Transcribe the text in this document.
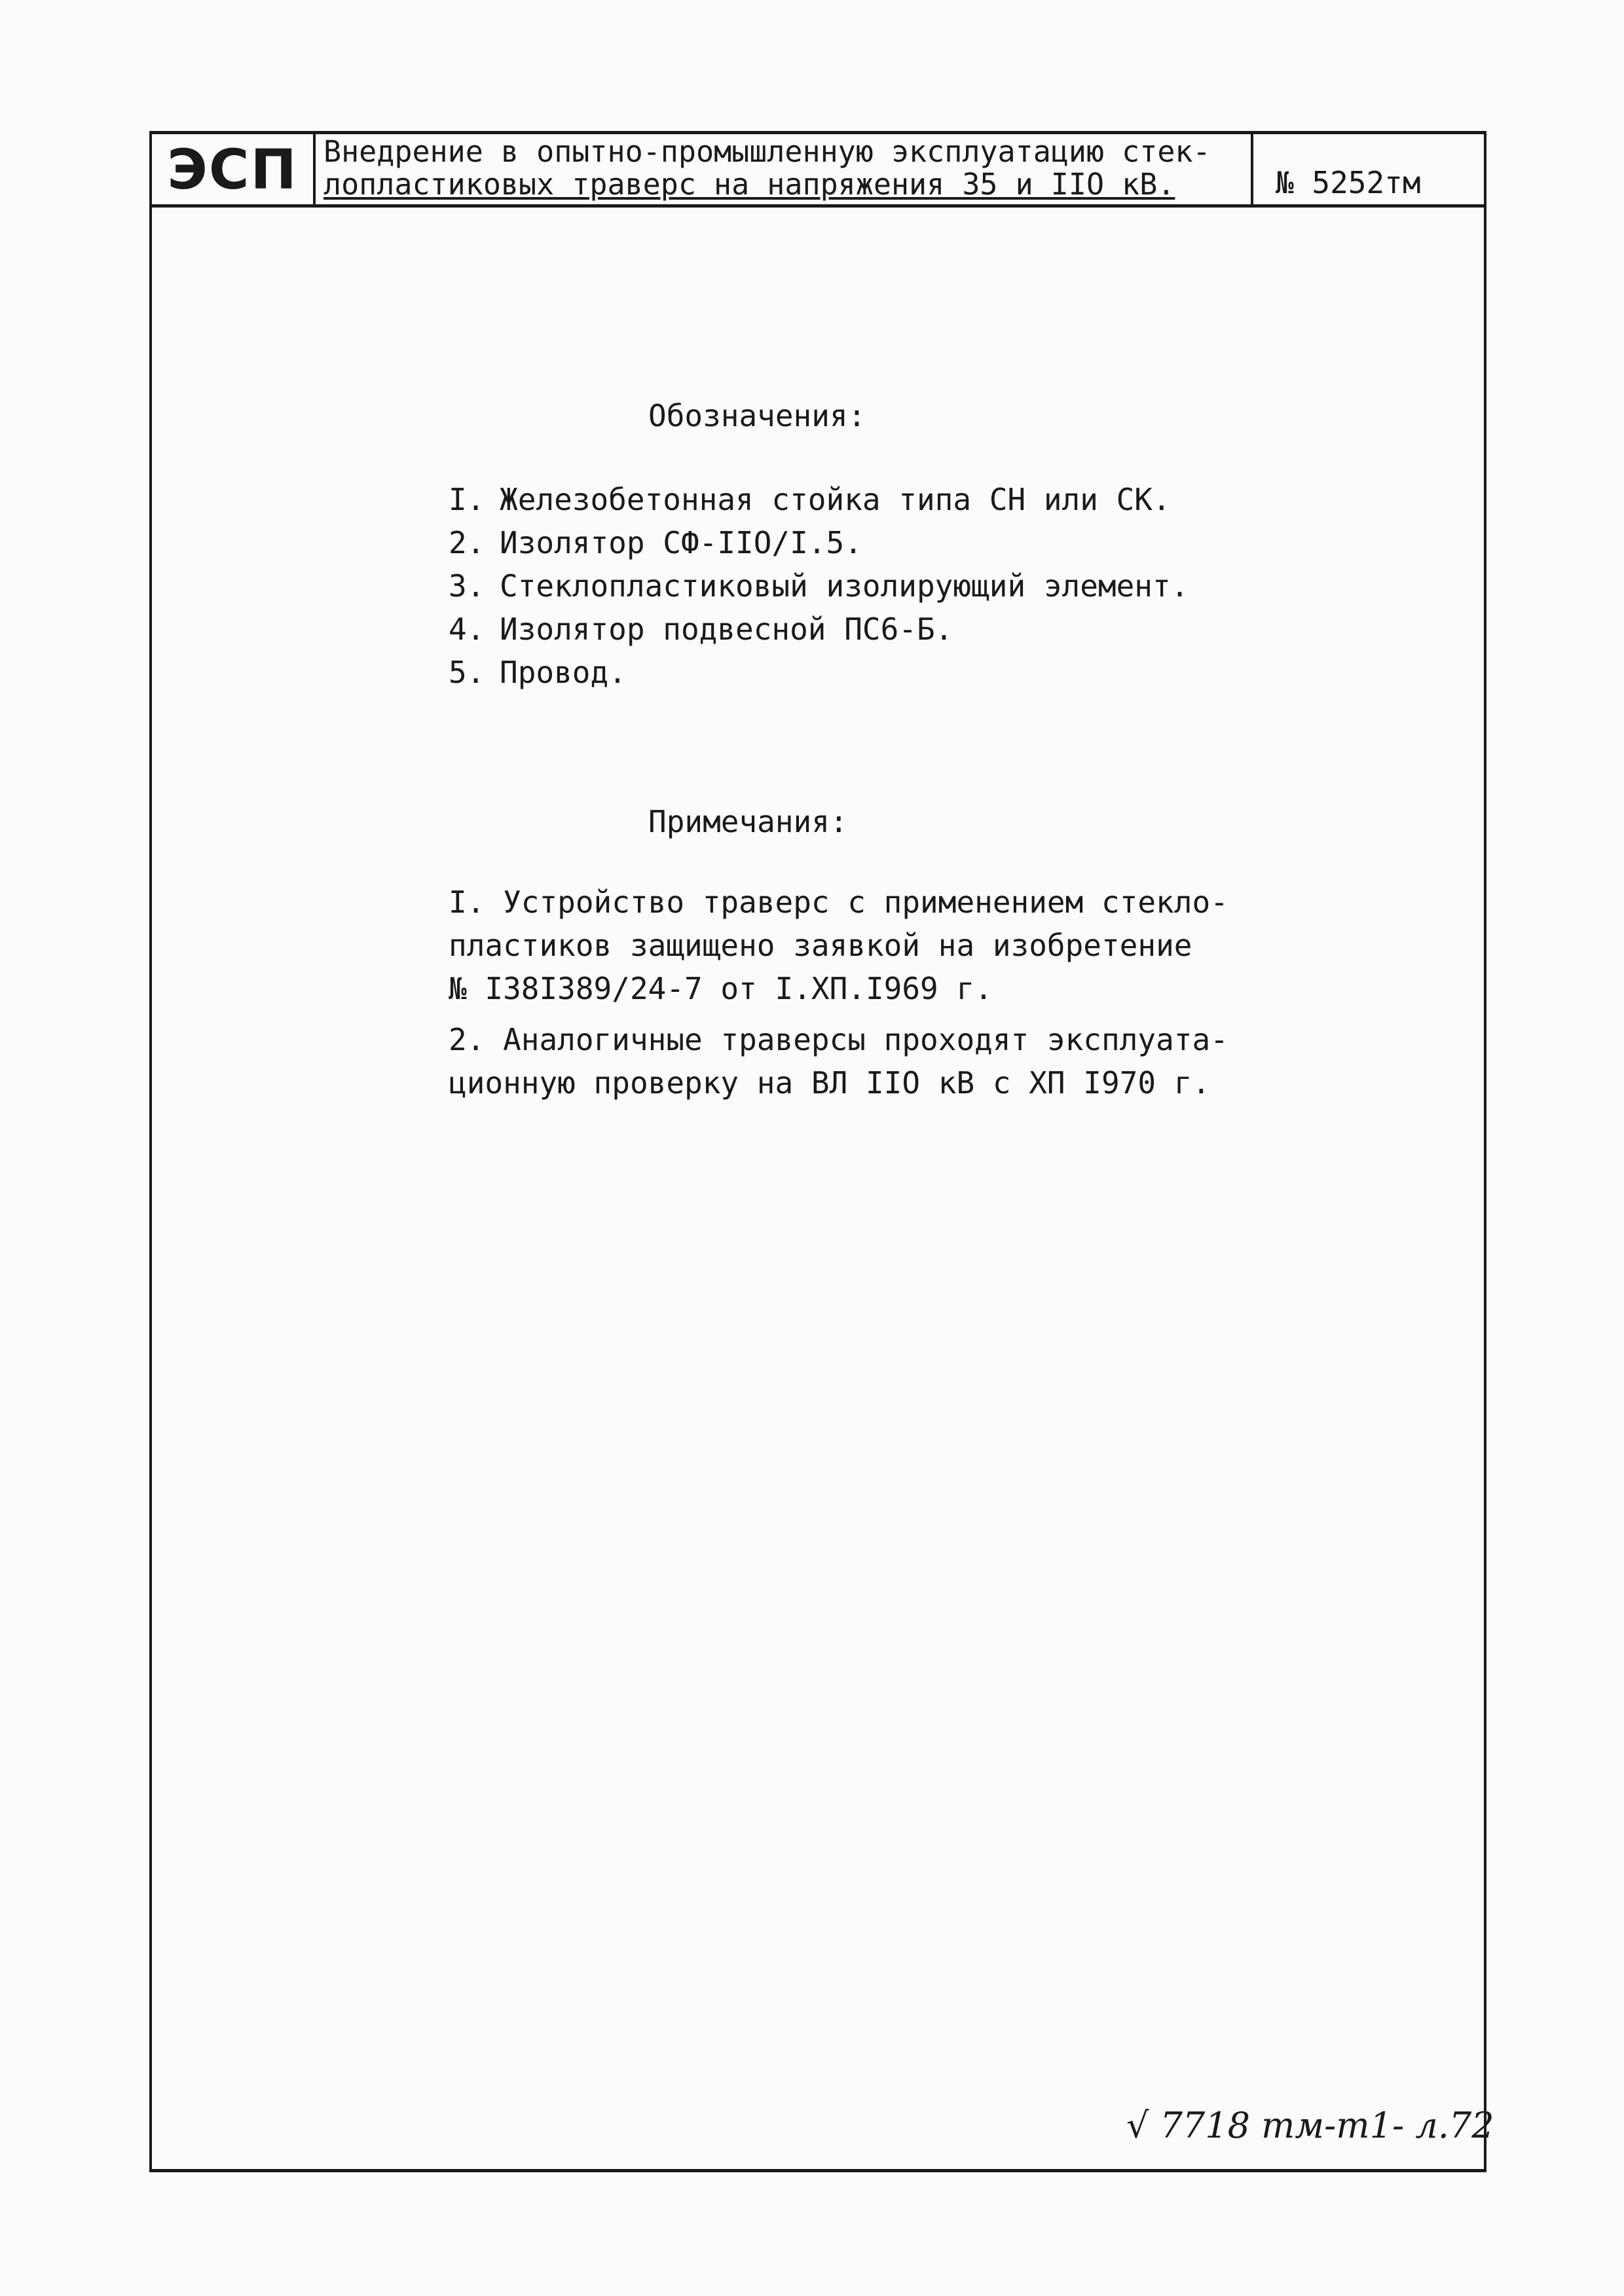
ЭСП Внедрение в опытно-промышленную эксплуатацию стек-
лопластиковых траверс на напряжения 35 и IIO кВ.	№ 5252тм
Обозначения:
I. Железобетонная стойка типа СН или СК.
2. Изолятор СФ-IIO/I.5.
3. Стеклопластиковый изолирующий элемент.
4. Изолятор подвесной ПС6-Б.
5. Провод.
Примечания:
I. Устройство траверс с применением стекло-
пластиков защищено заявкой на изобретение
№ I38I389/24-7 от I.XП.I969 г.
2. Аналогичные траверсы проходят эксплуата-
ционную проверку на ВЛ IIO кВ с XП I970 г.
√ 7718 тм-т1- л.72
